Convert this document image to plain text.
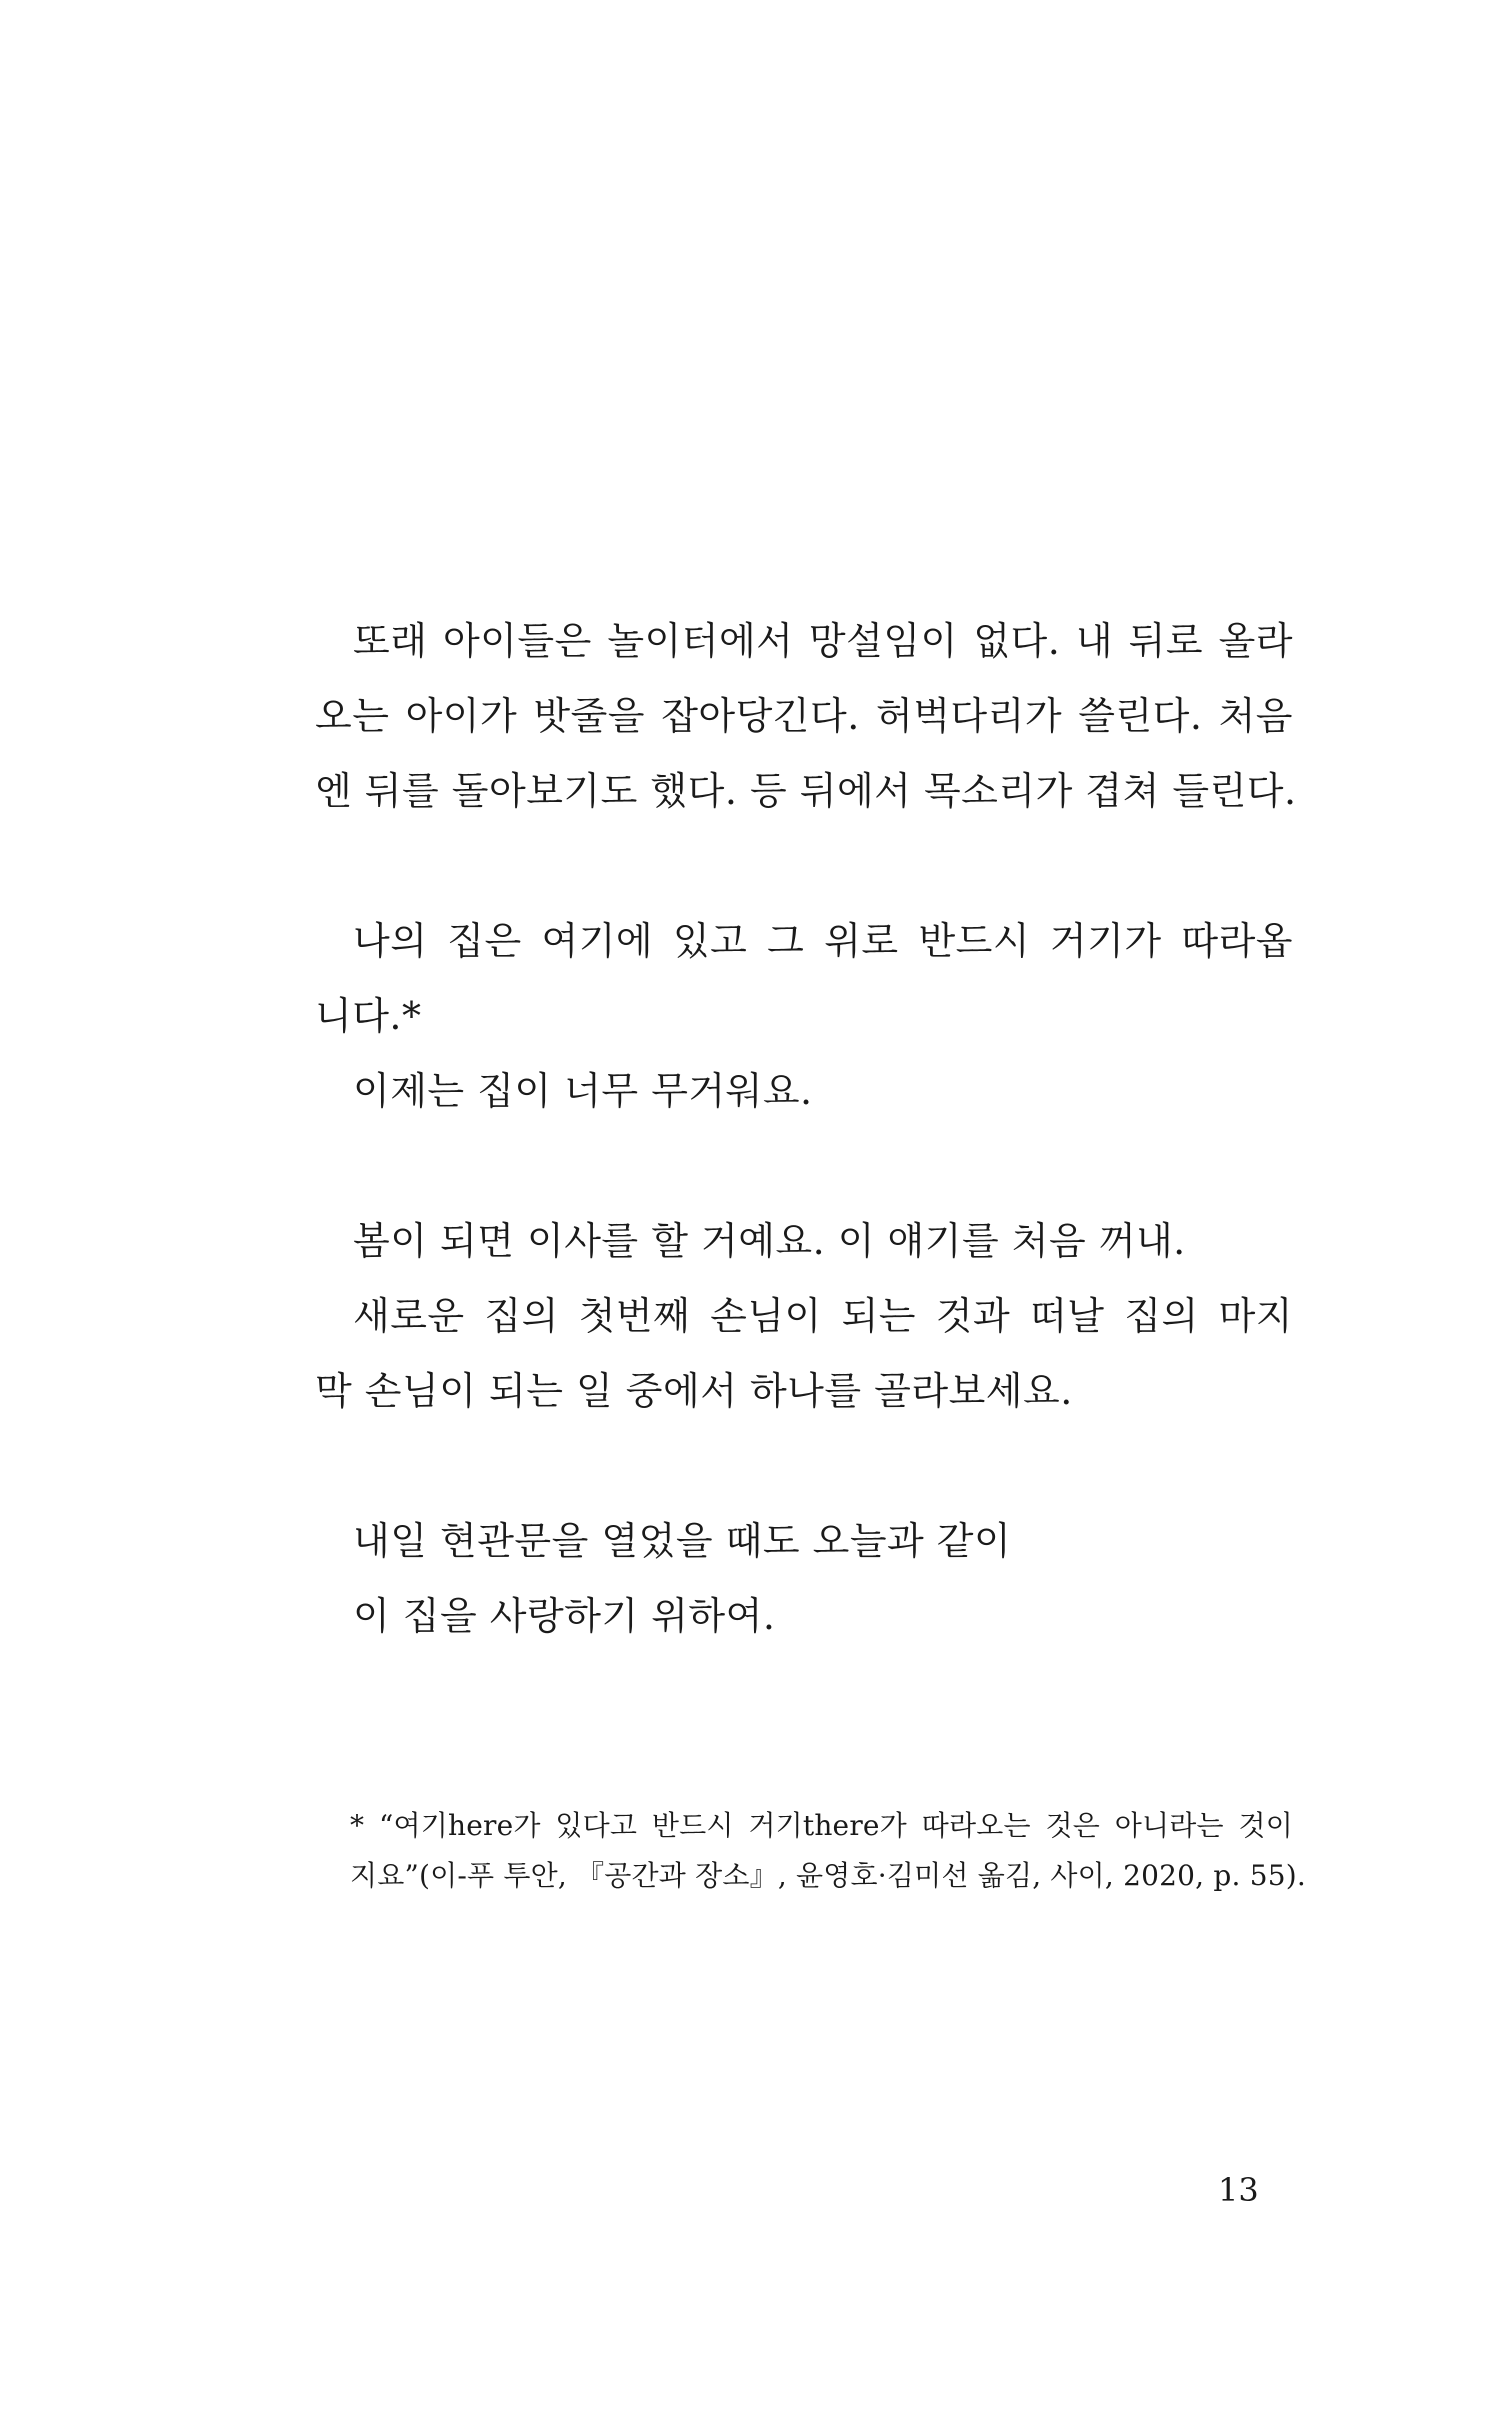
또래 아이들은 놀이터에서 망설임이 없다. 내 뒤로 올라
오는 아이가 밧줄을 잡아당긴다. 허벅다리가 쓸린다. 처음
엔 뒤를 돌아보기도 했다. 등 뒤에서 목소리가 겹쳐 들린다.
나의 집은 여기에 있고 그 위로 반드시 거기가 따라옵
니다.*
이제는 집이 너무 무거워요.
봄이 되면 이사를 할 거예요. 이 얘기를 처음 꺼내.
새로운 집의 첫번째 손님이 되는 것과 떠날 집의 마지
막 손님이 되는 일 중에서 하나를 골라보세요.
내일 현관문을 열었을 때도 오늘과 같이
이 집을 사랑하기 위하여.
* “여기here가 있다고 반드시 거기there가 따라오는 것은 아니라는 것이
지요”(이-푸 투안, 『공간과 장소』, 윤영호·김미선 옮김, 사이, 2020, p. 55).
13
